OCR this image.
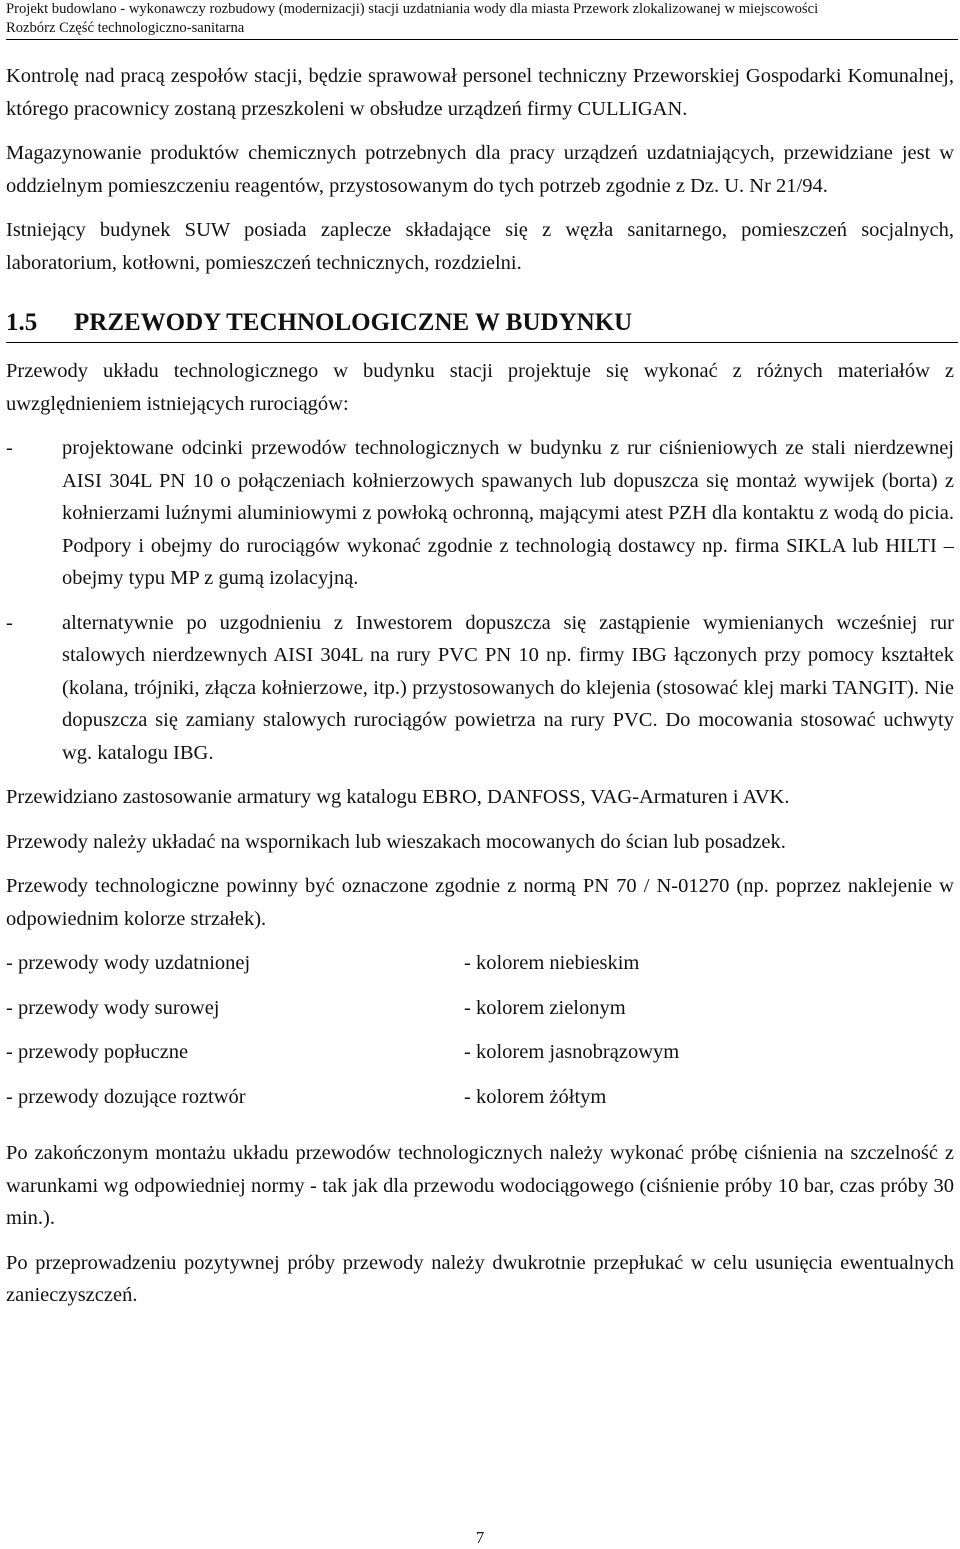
Projekt budowlano - wykonawczy rozbudowy (modernizacji) stacji uzdatniania wody dla miasta Przework zlokalizowanej w miejscowości
Rozbórz Część technologiczno-sanitarna

Kontrolę nad pracą zespołów stacji, będzie sprawował personel techniczny Przeworskiej Gospodarki Komunalnej, którego pracownicy zostaną przeszkoleni w obsłudze urządzeń firmy CULLIGAN.

Magazynowanie produktów chemicznych potrzebnych dla pracy urządzeń uzdatniających, przewidziane jest w oddzielnym pomieszczeniu reagentów, przystosowanym do tych potrzeb zgodnie z Dz. U. Nr 21/94.

Istniejący budynek SUW posiada zaplecze składające się z węzła sanitarnego, pomieszczeń socjalnych, laboratorium, kotłowni, pomieszczeń technicznych, rozdzielni.

1.5 PRZEWODY TECHNOLOGICZNE W BUDYNKU

Przewody układu technologicznego w budynku stacji projektuje się wykonać z różnych materiałów z uwzględnieniem istniejących rurociągów:

-	projektowane odcinki przewodów technologicznych w budynku z rur ciśnieniowych ze stali nierdzewnej AISI 304L PN 10 o połączeniach kołnierzowych spawanych lub dopuszcza się montaż wywijek (borta) z kołnierzami luźnymi aluminiowymi z powłoką ochronną, mającymi atest PZH dla kontaktu z wodą do picia. Podpory i obejmy do rurociągów wykonać zgodnie z technologią dostawcy np. firma SIKLA lub HILTI – obejmy typu MP z gumą izolacyjną.
-	alternatywnie po uzgodnieniu z Inwestorem dopuszcza się zastąpienie wymienianych wcześniej rur stalowych nierdzewnych AISI 304L na rury PVC PN 10 np. firmy IBG łączonych przy pomocy kształtek (kolana, trójniki, złącza kołnierzowe, itp.) przystosowanych do klejenia (stosować klej marki TANGIT). Nie dopuszcza się zamiany stalowych rurociągów powietrza na rury PVC. Do mocowania stosować uchwyty wg. katalogu IBG.

Przewidziano zastosowanie armatury wg katalogu EBRO, DANFOSS, VAG-Armaturen i AVK.

Przewody należy układać na wspornikach lub wieszakach mocowanych do ścian lub posadzek.

Przewody technologiczne powinny być oznaczone zgodnie z normą PN 70 / N-01270 (np. poprzez naklejenie w odpowiednim kolorze strzałek).

- przewody wody uzdatnionej	- kolorem niebieskim
- przewody wody surowej	- kolorem zielonym
- przewody popłuczne	- kolorem jasnobrązowym
- przewody dozujące roztwór	- kolorem żółtym

Po zakończonym montażu układu przewodów technologicznych należy wykonać próbę ciśnienia na szczelność z warunkami wg odpowiedniej normy - tak jak dla przewodu wodociągowego (ciśnienie próby 10 bar, czas próby 30 min.).

Po przeprowadzeniu pozytywnej próby przewody należy dwukrotnie przepłukać w celu usunięcia ewentualnych zanieczyszczeń.

7
